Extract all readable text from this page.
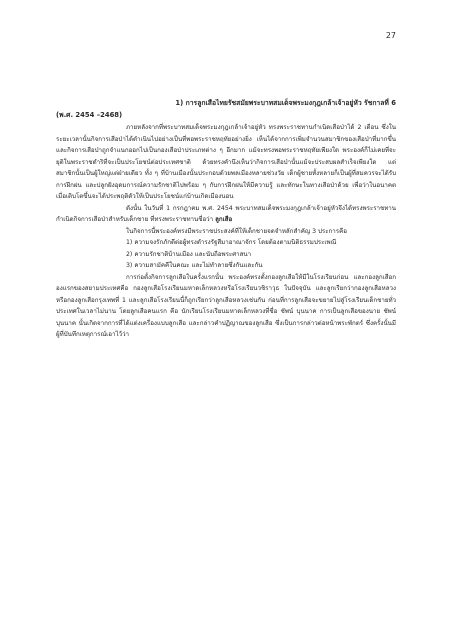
27
1) การลูกเสือไทยรัชสมัยพระบาทสมเด็จพระมงกุฎเกล้าเจ้าอยู่หัว รัชกาลที่ 6
(พ.ศ. 2454 –2468)

ภายหลังจากที่พระบาทสมเด็จพระมงกุฎเกล้าเจ้าอยู่หัว ทรงพระราชทานกำเนิดเสือป่าได้ 2 เดือน ซึ่งในระยะเวลานั้นกิจการเสือป่าได้ดำเนินไปอย่างเป็นที่พอพระราชหฤทัยอย่างยิ่ง เห็นได้จากการเพิ่มจำนวนสมาชิกของเสือป่าที่มากขึ้น และกิจการเสือป่าถูกจำแนกออกไปเป็นกองเสือป่าประเภทต่าง ๆ อีกมาก แม้จะทรงพอพระราชหฤทัยเพียงใด พระองค์ก็ไม่เคยที่จะยุติในพระราชดำริที่จะเป็นประโยชน์ต่อประเทศชาติ ด้วยทรงคำนึงเห็นว่ากิจการเสือป่านั้นแม้จะประสบผลสำเร็จเพียงใด แต่สมาชิกนั้นเป็นผู้ใหญ่แต่ฝ่ายเดียว ทั้ง ๆ ที่บ้านเมืองนั้นประกอบด้วยพลเมืองหลายช่วงวัย เด็กผู้ชายทั้งหลายก็เป็นผู้ที่สมควรจะได้รับการฝึกฝน และปลูกฝังอุดมการณ์ความรักชาติไปพร้อม ๆ กับการฝึกฝนให้มีความรู้ และทักษะในทางเสือป่าด้วย เพื่อว่าในอนาคตเมื่อเติบโตขึ้นจะได้ประพฤติตัวให้เป็นประโยชน์แก่บ้านเกิดเมืองนอน

ดังนั้น ในวันที่ 1 กรกฎาคม พ.ศ. 2454 พระบาทสมเด็จพระมงกุฎเกล้าเจ้าอยู่หัวจึงได้ทรงพระราชทานกำเนิดกิจการเสือป่าสำหรับเด็กชาย ที่ทรงพระราชทานชื่อว่า ลูกเสือ

ในกิจการนี้พระองค์ทรงมีพระราชประสงค์ที่ให้เด็กชายจดจำหลักสำคัญ 3 ประการคือ

1) ความจงรักภักดีต่อผู้ทรงดำรงรัฐสีมาอาณาจักร โดยต้องตามนิติธรรมประเพณี

2) ความรักชาติบ้านเมือง และนับถือพระศาสนา

3) ความสามัคคีในคณะ และไม่ทำลายซึ่งกันและกัน

การก่อตั้งกิจการลูกเสือในครั้งแรกนั้น พระองค์ทรงตั้งกองลูกเสือให้มีในโรงเรียนก่อน และกองลูกเสือกองแรกของสยามประเทศคือ กองลูกเสือโรงเรียนมหาดเล็กหลวงหรือโรงเรียนวชิราวุธ ในปัจจุบัน และลูกเรียกว่ากองลูกเสือหลวง หรือกองลูกเสือกรุงเทพที่ 1 และลูกเสือโรงเรียนนี้ก็ถูกเรียกว่าลูกเสือหลวงเช่นกัน ก่อนที่การลูกเสือจะขยายไปสู่โรงเรียนเด็กชายทั่วประเทศในเวลาไม่นาน โดยลูกเสือคนแรก คือ นักเรียนโรงเรียนมหาดเล็กหลวงที่ชื่อ ชัพน์ บุนนาค การเป็นลูกเสือของนาย ชัพน์ บุนนาค นั้นเกิดจากการที่ได้แต่งเครื่องแบบลูกเสือ และกล่าวคำปฏิญาณของลูกเสือ ซึ่งเป็นการกล่าวต่อหน้าพระพักตร์ ซึ่งครั้งนั้นมีผู้ที่บันทึกเหตุการณ์เอาไว้ว่า
